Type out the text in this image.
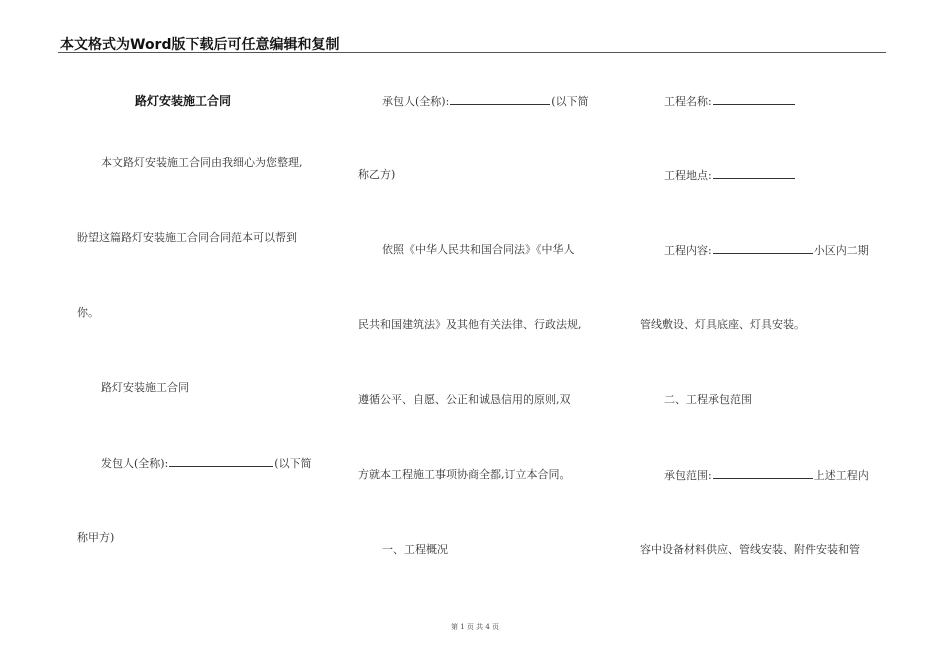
本文格式为Word版下载后可任意编辑和复制
路灯安装施工合同
本文路灯安装施工合同由我细心为您整理,
盼望这篇路灯安装施工合同合同范本可以帮到
你。
路灯安装施工合同
发包人(全称):	(以下简
称甲方)
承包人(全称):	(以下简
称乙方)
依照《中华人民共和国合同法》《中华人
民共和国建筑法》及其他有关法律、行政法规,
遵循公平、自愿、公正和诚恳信用的原则,双
方就本工程施工事项协商全都,订立本合同。
一、工程概况
工程名称:
工程地点:
工程内容:	小区内二期
管线敷设、灯具底座、灯具安装。
二、工程承包范围
承包范围:	上述工程内
容中设备材料供应、管线安装、附件安装和管
第 1 页 共 4 页
